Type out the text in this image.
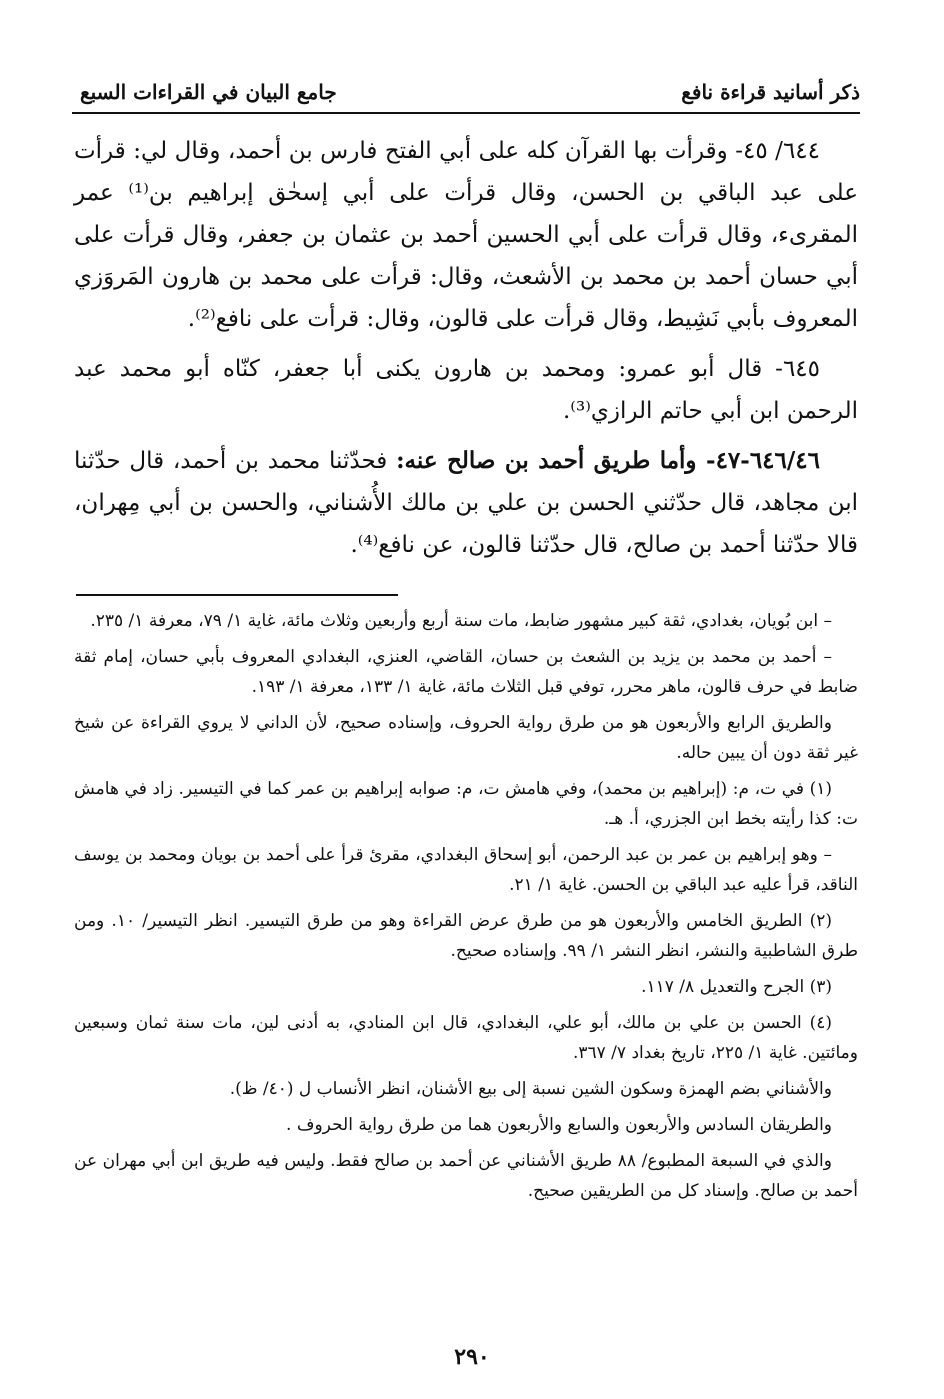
ذكر أسانيد قراءة نافع
جامع البيان في القراءات السبع

٦٤٤/ ٤٥- وقرأت بها القرآن كله على أبي الفتح فارس بن أحمد، وقال لي: قرأت على عبد الباقي بن الحسن، وقال قرأت على أبي إسحٰق إبراهيم بن⁽¹⁾ عمر المقرىء، وقال قرأت على أبي الحسين أحمد بن عثمان بن جعفر، وقال قرأت على أبي حسان أحمد بن محمد بن الأشعث، وقال: قرأت على محمد بن هارون المَروَزي المعروف بأبي نَشِيط، وقال قرأت على قالون، وقال: قرأت على نافع⁽²⁾.

٦٤٥- قال أبو عمرو: ومحمد بن هارون يكنى أبا جعفر، كنّاه أبو محمد عبد الرحمن ابن أبي حاتم الرازي⁽³⁾.

٦٤٦/٤٦-٤٧- وأما طريق أحمد بن صالح عنه: فحدّثنا محمد بن أحمد، قال حدّثنا ابن مجاهد، قال حدّثني الحسن بن علي بن مالك الأُشناني، والحسن بن أبي مِهران، قالا حدّثنا أحمد بن صالح، قال حدّثنا قالون، عن نافع⁽⁴⁾.

– ابن بُويان، بغدادي، ثقة كبير مشهور ضابط، مات سنة أربع وأربعين وثلاث مائة، غاية ١/ ٧٩، معرفة ١/ ٢٣٥.

– أحمد بن محمد بن يزيد بن الشعث بن حسان، القاضي، العنزي، البغدادي المعروف بأبي حسان، إمام ثقة ضابط في حرف قالون، ماهر محرر، توفي قبل الثلاث مائة، غاية ١/ ١٣٣، معرفة ١/ ١٩٣.

والطريق الرابع والأربعون هو من طرق رواية الحروف، وإسناده صحيح، لأن الداني لا يروي القراءة عن شيخ غير ثقة دون أن يبين حاله.

(١) في ت، م: (إبراهيم بن محمد)، وفي هامش ت، م: صوابه إبراهيم بن عمر كما في التيسير. زاد في هامش ت: كذا رأيته بخط ابن الجزري، أ. هـ.

– وهو إبراهيم بن عمر بن عبد الرحمن، أبو إسحاق البغدادي، مقرئ قرأ على أحمد بن بويان ومحمد بن يوسف الناقد، قرأ عليه عبد الباقي بن الحسن. غاية ١/ ٢١.

(٢) الطريق الخامس والأربعون هو من طرق عرض القراءة وهو من طرق التيسير. انظر التيسير/ ١٠. ومن طرق الشاطبية والنشر، انظر النشر ١/ ٩٩. وإسناده صحيح.

(٣) الجرح والتعديل ٨/ ١١٧.

(٤) الحسن بن علي بن مالك، أبو علي، البغدادي، قال ابن المنادي، به أدنى لين، مات سنة ثمان وسبعين ومائتين. غاية ١/ ٢٢٥، تاريخ بغداد ٧/ ٣٦٧.

والأشناني بضم الهمزة وسكون الشين نسبة إلى بيع الأشنان، انظر الأنساب ل (٤٠/ ظ).

والطريقان السادس والأربعون والسابع والأربعون هما من طرق رواية الحروف .

والذي في السبعة المطبوع/ ٨٨ طريق الأشناني عن أحمد بن صالح فقط. وليس فيه طريق ابن أبي مهران عن أحمد بن صالح. وإسناد كل من الطريقين صحيح.

٢٩٠
